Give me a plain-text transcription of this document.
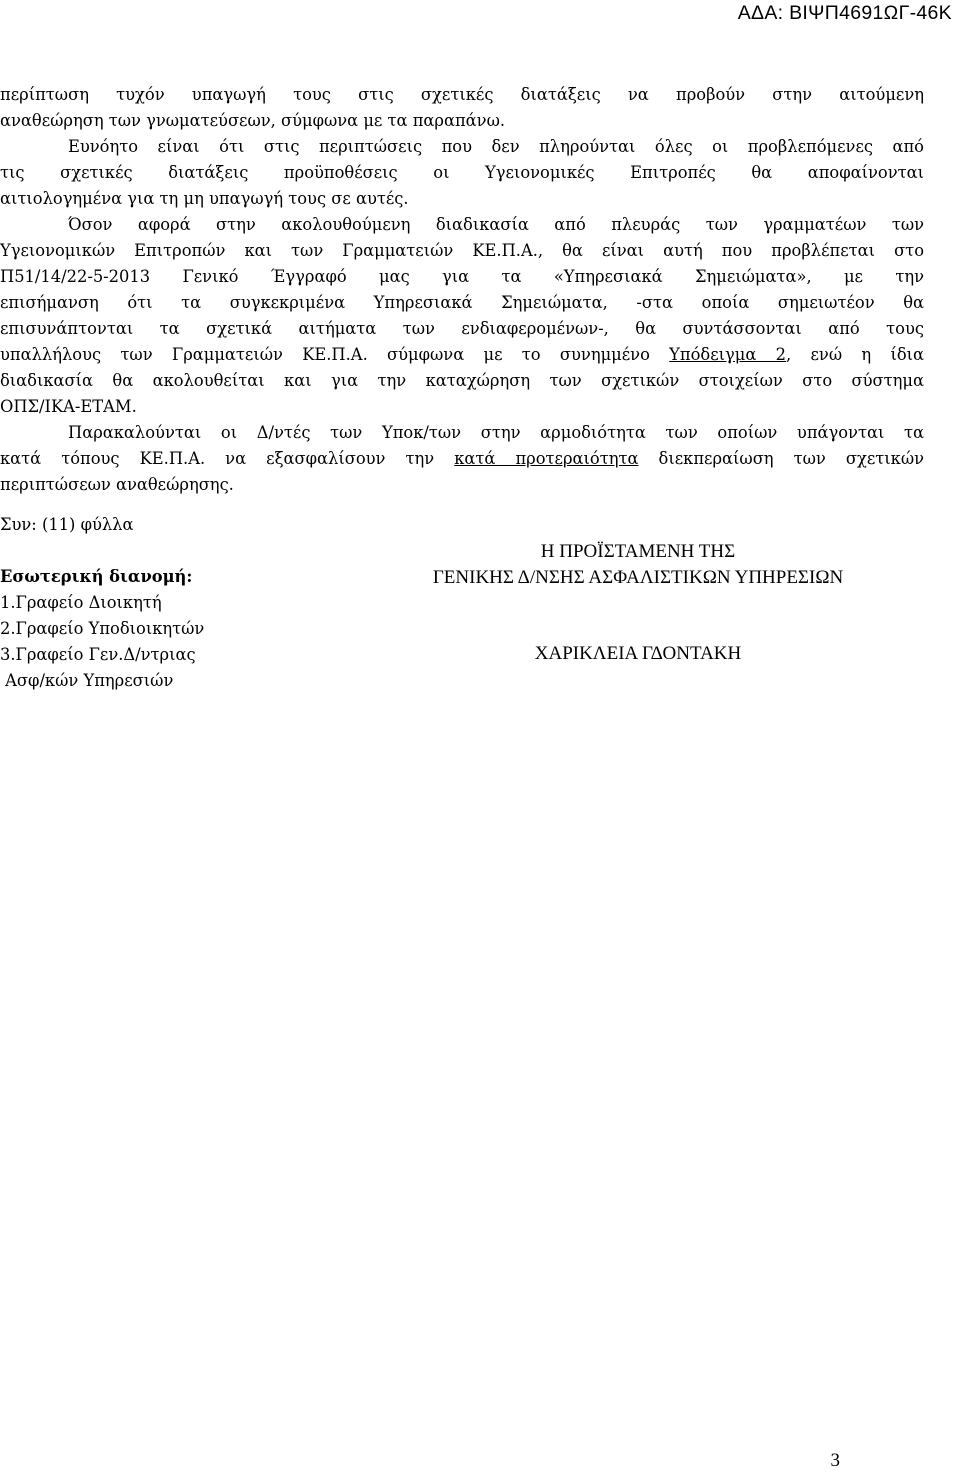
ΑΔΑ: ΒΙΨΠ4691ΩΓ-46Κ
περίπτωση τυχόν υπαγωγή τους στις σχετικές διατάξεις να προβούν στην αιτούμενη
αναθεώρηση των γνωματεύσεων, σύμφωνα με τα παραπάνω.
Ευνόητο είναι ότι στις περιπτώσεις που δεν πληρούνται όλες οι προβλεπόμενες από
τις σχετικές διατάξεις προϋποθέσεις οι Υγειονομικές Επιτροπές θα αποφαίνονται
αιτιολογημένα για τη μη υπαγωγή τους σε αυτές.
Όσον αφορά στην ακολουθούμενη διαδικασία από πλευράς των γραμματέων των
Υγειονομικών Επιτροπών και των Γραμματειών ΚΕ.Π.Α., θα είναι αυτή που προβλέπεται στο
Π51/14/22-5-2013 Γενικό Έγγραφό μας για τα «Υπηρεσιακά Σημειώματα», με την
επισήμανση ότι τα συγκεκριμένα Υπηρεσιακά Σημειώματα, -στα οποία σημειωτέον θα
επισυνάπτονται τα σχετικά αιτήματα των ενδιαφερομένων-, θα συντάσσονται από τους
υπαλλήλους των Γραμματειών ΚΕ.Π.Α. σύμφωνα με το συνημμένο Υπόδειγμα 2, ενώ η ίδια
διαδικασία θα ακολουθείται και για την καταχώρηση των σχετικών στοιχείων στο σύστημα
ΟΠΣ/ΙΚΑ-ΕΤΑΜ.
Παρακαλούνται οι Δ/ντές των Υποκ/των στην αρμοδιότητα των οποίων υπάγονται τα
κατά τόπους ΚΕ.Π.Α. να εξασφαλίσουν την κατά προτεραιότητα διεκπεραίωση των σχετικών
περιπτώσεων αναθεώρησης.
Συν: (11) φύλλα
Εσωτερική διανομή:
1.Γραφείο Διοικητή
2.Γραφείο Υποδιοικητών
3.Γραφείο Γεν.Δ/ντριας
Ασφ/κών Υπηρεσιών
Η ΠΡΟΪΣΤΑΜΕΝΗ ΤΗΣ
ΓΕΝΙΚΗΣ Δ/ΝΣΗΣ ΑΣΦΑΛΙΣΤΙΚΩΝ ΥΠΗΡΕΣΙΩΝ
ΧΑΡΙΚΛΕΙΑ ΓΔΟΝΤΑΚΗ
3
